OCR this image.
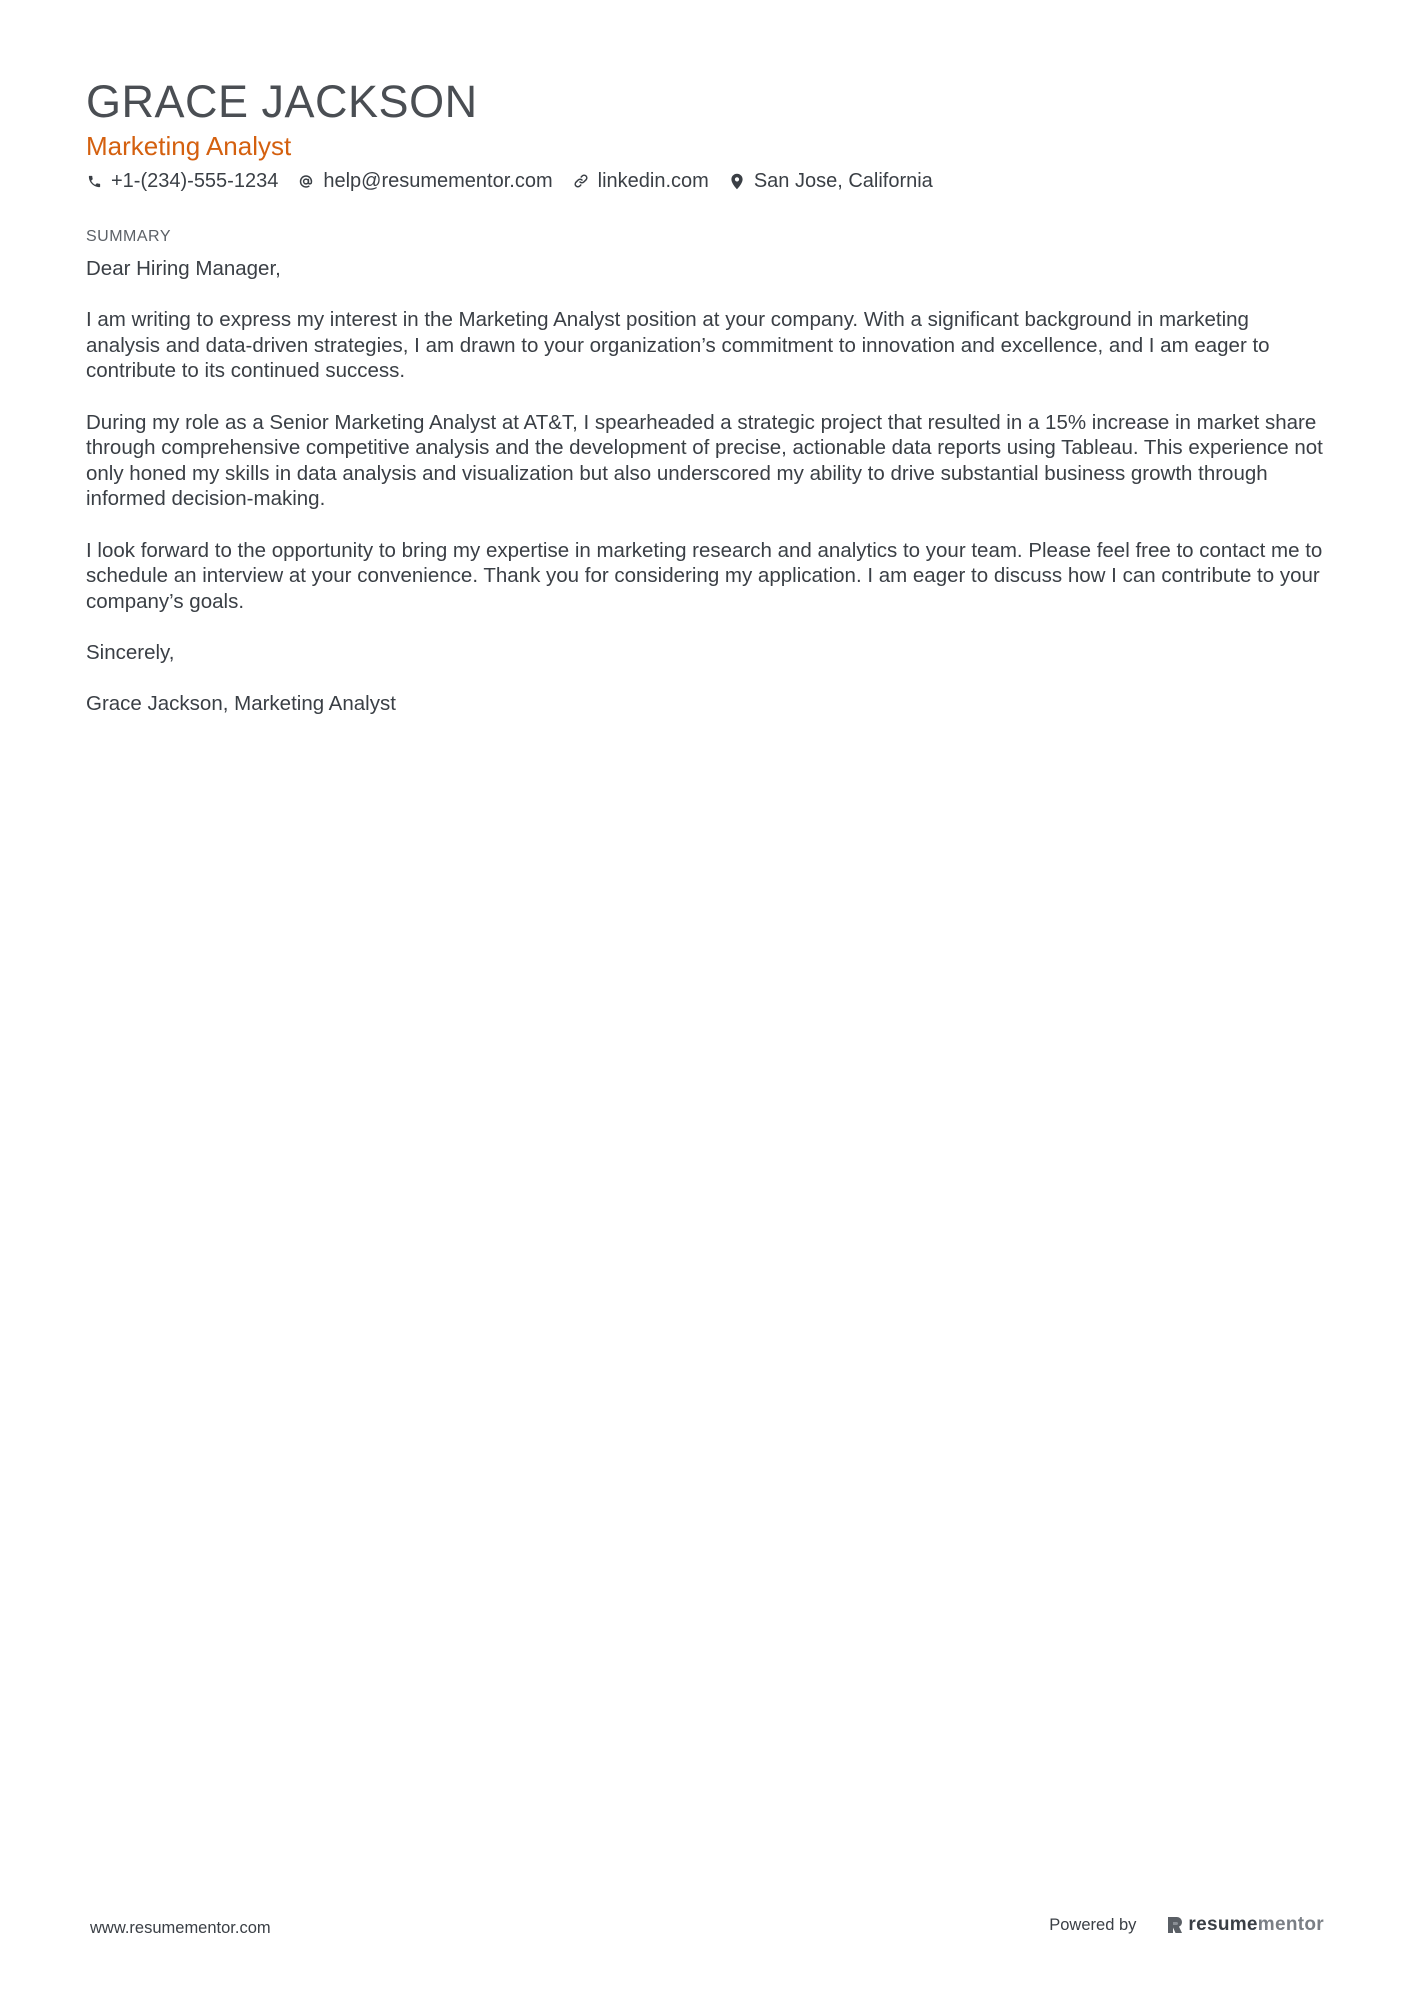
GRACE JACKSON
Marketing Analyst
+1-(234)-555-1234 help@resumementor.com linkedin.com San Jose, California
SUMMARY

Dear Hiring Manager,

I am writing to express my interest in the Marketing Analyst position at your company. With a significant background in marketing analysis and data-driven strategies, I am drawn to your organization’s commitment to innovation and excellence, and I am eager to contribute to its continued success.

During my role as a Senior Marketing Analyst at AT&T, I spearheaded a strategic project that resulted in a 15% increase in market share through comprehensive competitive analysis and the development of precise, actionable data reports using Tableau. This experience not only honed my skills in data analysis and visualization but also underscored my ability to drive substantial business growth through informed decision-making.

I look forward to the opportunity to bring my expertise in marketing research and analytics to your team. Please feel free to contact me to schedule an interview at your convenience. Thank you for considering my application. I am eager to discuss how I can contribute to your company’s goals.

Sincerely,

Grace Jackson, Marketing Analyst

www.resumementor.com	Powered by	resumementor
